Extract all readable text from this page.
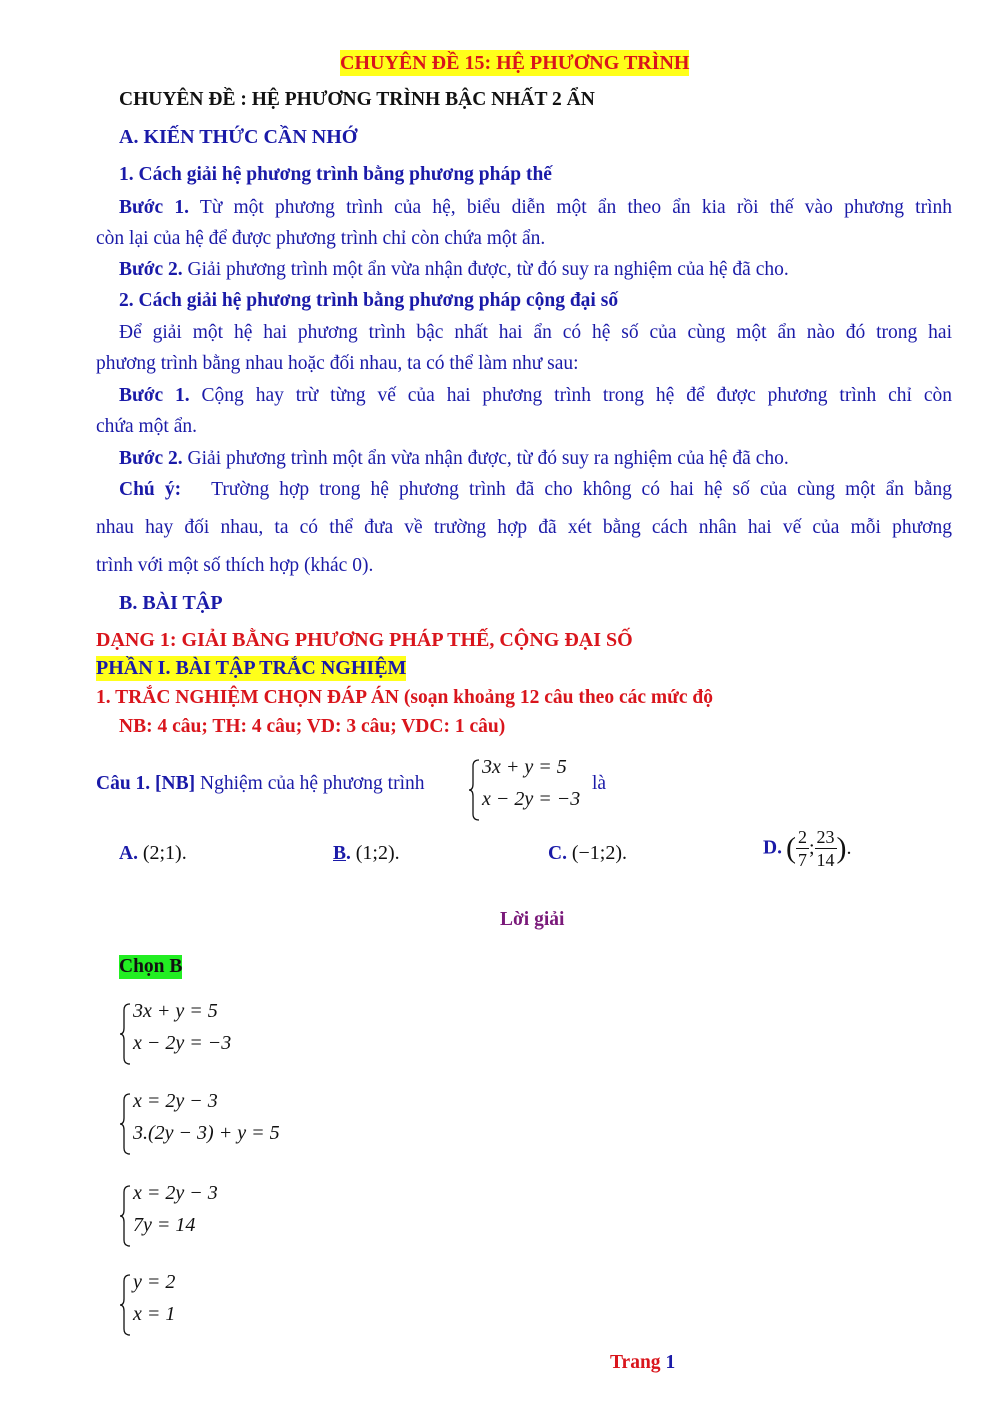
CHUYÊN ĐỀ 15: HỆ PHƯƠNG TRÌNH
CHUYÊN ĐỀ : HỆ PHƯƠNG TRÌNH BẬC NHẤT 2 ẨN
A. KIẾN THỨC CẦN NHỚ
1. Cách giải hệ phương trình bằng phương pháp thế
Bước 1. Từ một phương trình của hệ, biểu diễn một ẩn theo ẩn kia rồi thế vào phương trình
còn lại của hệ để được phương trình chỉ còn chứa một ẩn.
Bước 2. Giải phương trình một ẩn vừa nhận được, từ đó suy ra nghiệm của hệ đã cho.
2. Cách giải hệ phương trình bằng phương pháp cộng đại số
Để giải một hệ hai phương trình bậc nhất hai ẩn có hệ số của cùng một ẩn nào đó trong hai
phương trình bằng nhau hoặc đối nhau, ta có thể làm như sau:
Bước 1. Cộng hay trừ từng vế của hai phương trình trong hệ để được phương trình chỉ còn
chứa một ẩn.
Bước 2. Giải phương trình một ẩn vừa nhận được, từ đó suy ra nghiệm của hệ đã cho.
Chú ý:   Trường hợp trong hệ phương trình đã cho không có hai hệ số của cùng một ẩn bằng
nhau hay đối nhau, ta có thể đưa về trường hợp đã xét bằng cách nhân hai vế của mỗi phương
trình với một số thích hợp (khác 0).
B. BÀI TẬP
DẠNG 1: GIẢI BẰNG PHƯƠNG PHÁP THẾ, CỘNG ĐẠI SỐ
PHẦN I. BÀI TẬP TRẮC NGHIỆM
1. TRẮC NGHIỆM CHỌN ĐÁP ÁN (soạn khoảng 12 câu theo các mức độ
NB: 4 câu; TH: 4 câu; VD: 3 câu; VDC: 1 câu)
Câu 1. [NB] Nghiệm của hệ phương trình
3x + y = 5
x − 2y = −3
là
A. (2;1).	B. (1;2).	C. (−1;2).	D. ( $\frac{2}{7}$ ; $\frac{23}{14}$ ).
Lời giải
Chọn B
3x + y = 5
x − 2y = −3
x = 2y − 3
3.(2y − 3) + y = 5
x = 2y − 3
7y = 14
y = 2
x = 1
Trang 1
